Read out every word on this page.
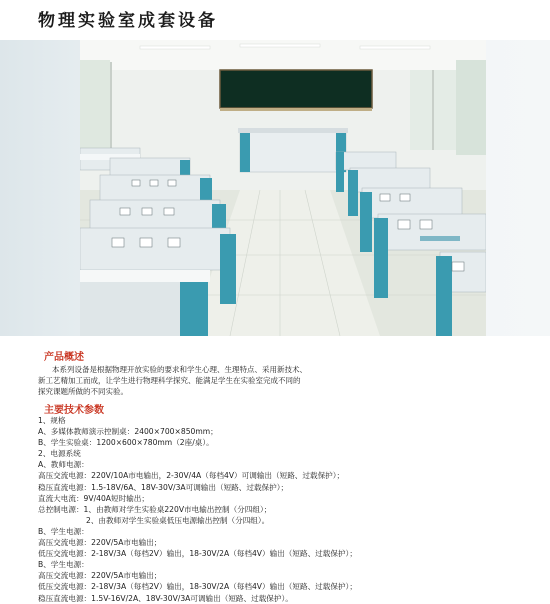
物理实验室成套设备
产品概述

本系列设备是根据物理开放实验的要求和学生心理、生理特点、采用新技术、
新工艺精加工而成，让学生进行物理科学探究、能满足学生在实验室完成不同的
探究课题所做的不同实验。

主要技术参数
1、规格
A、多媒体教师演示控制桌：2400×700×850mm；
B、学生实验桌：1200×600×780mm（2座/桌）。
2、电源系统
A、教师电源：
高压交流电源：220V/10A市电输出，2-30V/4A（每档4V）可调输出（短路、过载保护）；
稳压直流电源：1.5-18V/6A、18V-30V/3A可调输出（短路、过载保护）；
直流大电流：9V/40A短时输出；
总控制电源：1、由教师对学生实验桌220V市电输出控制（分四组）；
2、由教师对学生实验桌低压电源输出控制（分四组）。
B、学生电源：
高压交流电源：220V/5A市电输出；
低压交流电源：2-18V/3A（每档2V）输出，18-30V/2A（每档4V）输出（短路、过载保护）；
B、学生电源：
高压交流电源：220V/5A市电输出；
低压交流电源：2-18V/3A（每档2V）输出，18-30V/2A（每档4V）输出（短路、过载保护）；
稳压直流电源：1.5V-16V/2A、18V-30V/3A可调输出（短路、过载保护）。
